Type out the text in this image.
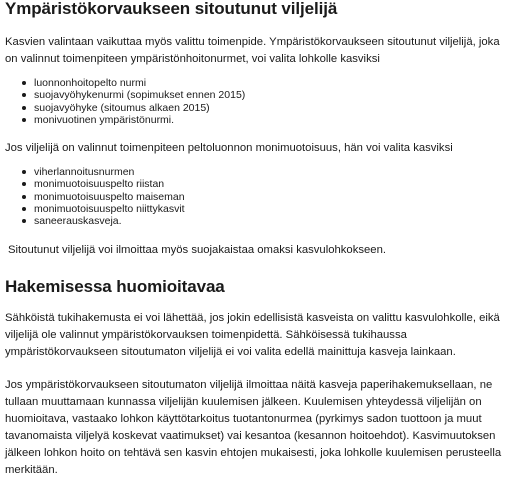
Ympäristökorvaukseen sitoutunut viljelijä

Kasvien valintaan vaikuttaa myös valittu toimenpide. Ympäristökorvaukseen sitoutunut viljelijä, joka on valinnut toimenpiteen ympäristönhoitonurmet, voi valita lohkolle kasviksi

luonnonhoitopelto nurmi
suojavyöhykenurmi (sopimukset ennen 2015)
suojavyöhyke (sitoumus alkaen 2015)
monivuotinen ympäristönurmi.

Jos viljelijä on valinnut toimenpiteen peltoluonnon monimuotoisuus, hän voi valita kasviksi

viherlannoitusnurmen
monimuotoisuuspelto riistan
monimuotoisuuspelto maiseman
monimuotoisuuspelto niittykasvit
saneerauskasveja.

Sitoutunut viljelijä voi ilmoittaa myös suojakaistaa omaksi kasvulohkokseen.

Hakemisessa huomioitavaa

Sähköistä tukihakemusta ei voi lähettää, jos jokin edellisistä kasveista on valittu kasvulohkolle, eikä viljelijä ole valinnut ympäristökorvauksen toimenpidettä. Sähköisessä tukihaussa ympäristökorvaukseen sitoutumaton viljelijä ei voi valita edellä mainittuja kasveja lainkaan.

Jos ympäristökorvaukseen sitoutumaton viljelijä ilmoittaa näitä kasveja paperihakemuksellaan, ne tullaan muuttamaan kunnassa viljelijän kuulemisen jälkeen. Kuulemisen yhteydessä viljelijän on huomioitava, vastaako lohkon käyttötarkoitus tuotantonurmea (pyrkimys sadon tuottoon ja muut tavanomaista viljelyä koskevat vaatimukset) vai kesantoa (kesannon hoitoehdot). Kasvimuutoksen jälkeen lohkon hoito on tehtävä sen kasvin ehtojen mukaisesti, joka lohkolle kuulemisen perusteella merkitään.
